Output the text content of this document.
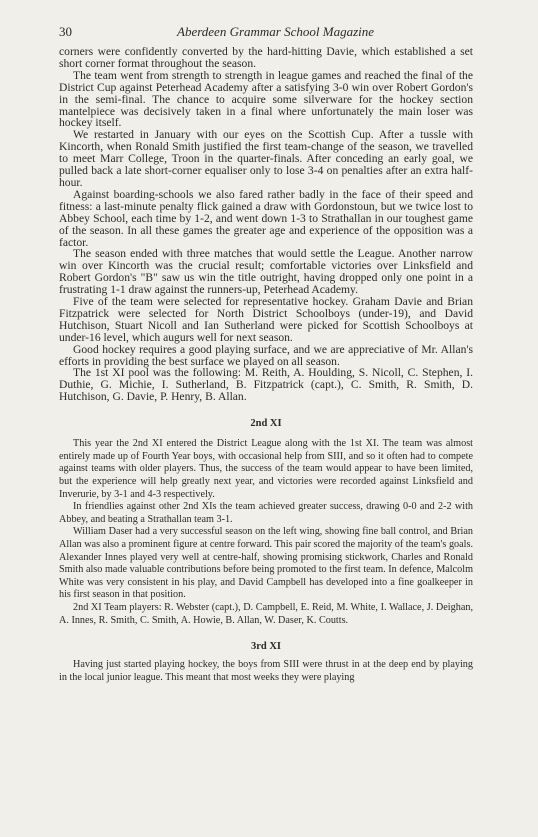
30	Aberdeen Grammar School Magazine

corners were confidently converted by the hard-hitting Davie, which established a set short corner format throughout the season.

The team went from strength to strength in league games and reached the final of the District Cup against Peterhead Academy after a satisfying 3-0 win over Robert Gordon's in the semi-final. The chance to acquire some silverware for the hockey section mantelpiece was decisively taken in a final where unfortunately the main loser was hockey itself.

We restarted in January with our eyes on the Scottish Cup. After a tussle with Kincorth, when Ronald Smith justified the first team-change of the season, we travelled to meet Marr College, Troon in the quarter-finals. After conceding an early goal, we pulled back a late short-corner equaliser only to lose 3-4 on penalties after an extra half-hour.

Against boarding-schools we also fared rather badly in the face of their speed and fitness: a last-minute penalty flick gained a draw with Gordonstoun, but we twice lost to Abbey School, each time by 1-2, and went down 1-3 to Strathallan in our toughest game of the season. In all these games the greater age and experience of the opposition was a factor.

The season ended with three matches that would settle the League. Another narrow win over Kincorth was the crucial result; comfortable victories over Linksfield and Robert Gordon's "B" saw us win the title outright, having dropped only one point in a frustrating 1-1 draw against the runners-up, Peterhead Academy.

Five of the team were selected for representative hockey. Graham Davie and Brian Fitzpatrick were selected for North District Schoolboys (under-19), and David Hutchison, Stuart Nicoll and Ian Sutherland were picked for Scottish Schoolboys at under-16 level, which augurs well for next season.

Good hockey requires a good playing surface, and we are appreciative of Mr. Allan's efforts in providing the best surface we played on all season.

The 1st XI pool was the following: M. Reith, A. Houlding, S. Nicoll, C. Stephen, I. Duthie, G. Michie, I. Sutherland, B. Fitzpatrick (capt.), C. Smith, R. Smith, D. Hutchison, G. Davie, P. Henry, B. Allan.

2nd XI

This year the 2nd XI entered the District League along with the 1st XI. The team was almost entirely made up of Fourth Year boys, with occasional help from SIII, and so it often had to compete against teams with older players. Thus, the success of the team would appear to have been limited, but the experience will help greatly next year, and victories were recorded against Linksfield and Inverurie, by 3-1 and 4-3 respectively.

In friendlies against other 2nd XIs the team achieved greater success, drawing 0-0 and 2-2 with Abbey, and beating a Strathallan team 3-1.

William Daser had a very successful season on the left wing, showing fine ball control, and Brian Allan was also a prominent figure at centre forward. This pair scored the majority of the team's goals. Alexander Innes played very well at centre-half, showing promising stickwork, Charles and Ronald Smith also made valuable contributions before being promoted to the first team. In defence, Malcolm White was very consistent in his play, and David Campbell has developed into a fine goalkeeper in his first season in that position.

2nd XI Team players: R. Webster (capt.), D. Campbell, E. Reid, M. White, I. Wallace, J. Deighan, A. Innes, R. Smith, C. Smith, A. Howie, B. Allan, W. Daser, K. Coutts.

3rd XI

Having just started playing hockey, the boys from SIII were thrust in at the deep end by playing in the local junior league. This meant that most weeks they were playing
